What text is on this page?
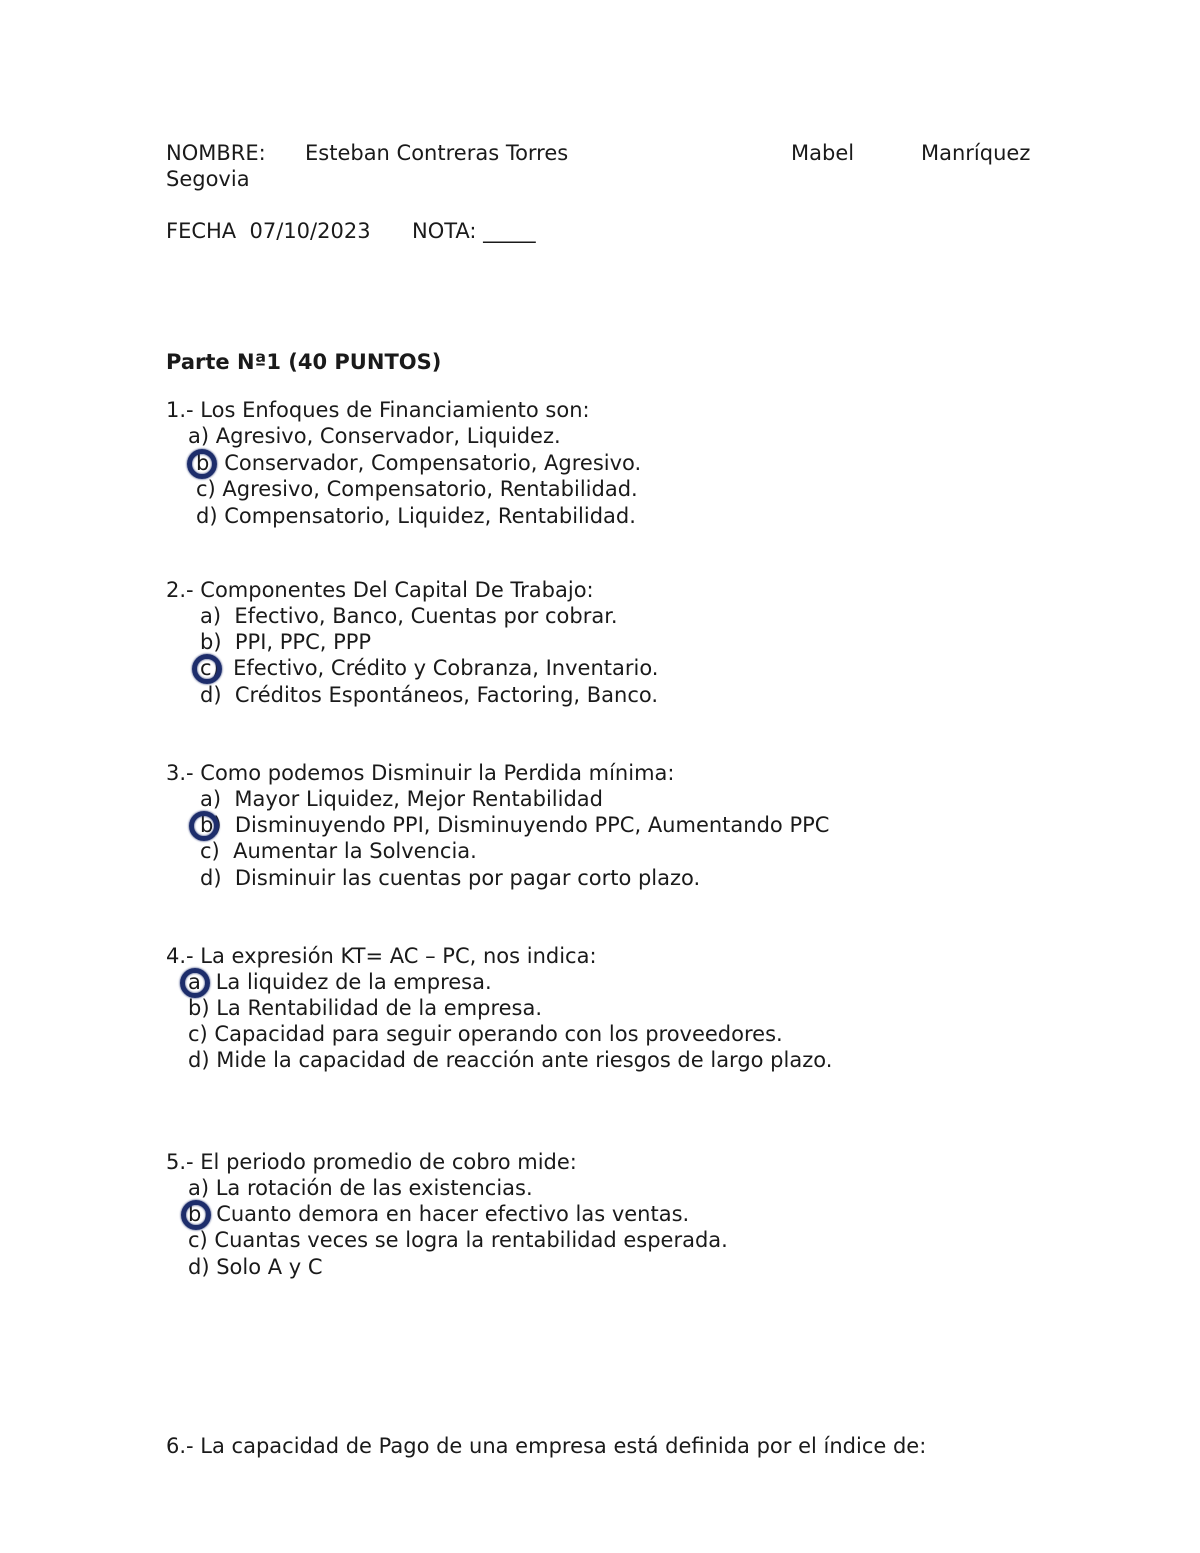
NOMBRE: Esteban Contreras Torres	Mabel	Manríquez
Segovia
FECHA  07/10/2023 NOTA: _____
Parte Nª1 (40 PUNTOS)
1.- Los Enfoques de Financiamiento son:
a) Agresivo, Conservador, Liquidez.
b) Conservador, Compensatorio, Agresivo.
c) Agresivo, Compensatorio, Rentabilidad.
d) Compensatorio, Liquidez, Rentabilidad.
2.- Componentes Del Capital De Trabajo:
a)  Efectivo, Banco, Cuentas por cobrar.
b)  PPI, PPC, PPP
c)  Efectivo, Crédito y Cobranza, Inventario.
d)  Créditos Espontáneos, Factoring, Banco.
3.- Como podemos Disminuir la Perdida mínima:
a)  Mayor Liquidez, Mejor Rentabilidad
b)  Disminuyendo PPI, Disminuyendo PPC, Aumentando PPC
c)  Aumentar la Solvencia.
d)  Disminuir las cuentas por pagar corto plazo.
4.- La expresión KT= AC – PC, nos indica:
a) La liquidez de la empresa.
b) La Rentabilidad de la empresa.
c) Capacidad para seguir operando con los proveedores.
d) Mide la capacidad de reacción ante riesgos de largo plazo.
5.- El periodo promedio de cobro mide:
a) La rotación de las existencias.
b) Cuanto demora en hacer efectivo las ventas.
c) Cuantas veces se logra la rentabilidad esperada.
d) Solo A y C
6.- La capacidad de Pago de una empresa está definida por el índice de:
